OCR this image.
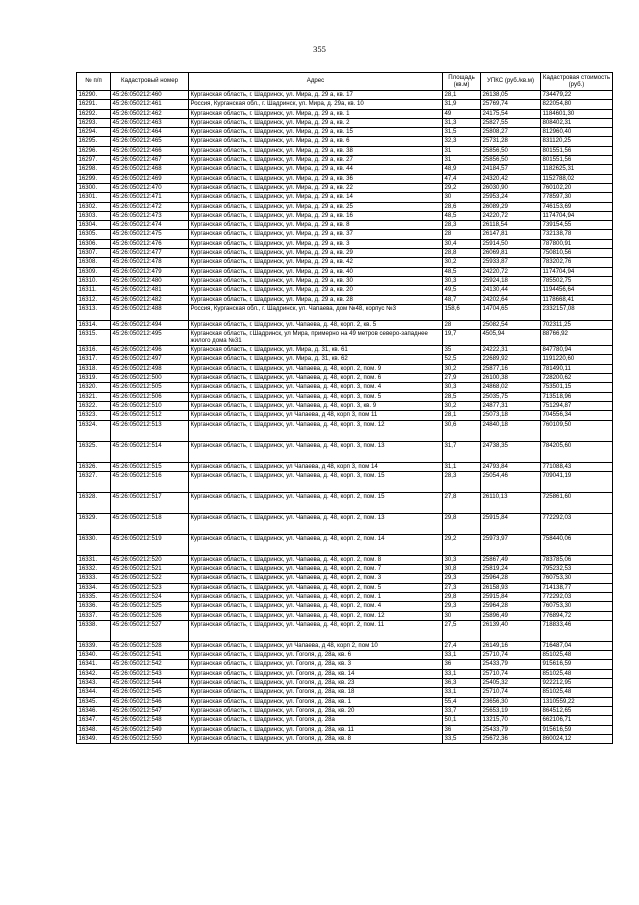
355
№ п/п	Кадастровый номер	Адрес	Площадь (кв.м)	УПКС (руб./кв.м)	Кадастровая стоимость (руб.)
16290.	45:26:050212:460	Курганская область, г. Шадринск, ул. Мира, д. 29 а, кв. 17	28,1	26138,05	734479,22
16291.	45:26:050212:461	Россия, Курганская обл., г. Шадринск, ул. Мира, д. 29а, кв. 10	31,9	25769,74	822054,80
16292.	45:26:050212:462	Курганская область, г. Шадринск, ул. Мира, д. 29 а, кв. 1	49	24175,54	1184601,30
16293.	45:26:050212:463	Курганская область, г. Шадринск, ул. Мира, д. 29 а, кв. 2	31,3	25827,55	808402,31
16294.	45:26:050212:464	Курганская область, г. Шадринск, ул. Мира, д. 29 а, кв. 15	31,5	25808,27	812960,40
16295.	45:26:050212:465	Курганская область, г. Шадринск, ул. Мира, д. 29 а, кв. 6	32,3	25731,28	831120,25
16296.	45:26:050212:466	Курганская область, г. Шадринск, ул. Мира, д. 29 а, кв. 38	31	25856,50	801551,56
16297.	45:26:050212:467	Курганская область, г. Шадринск, ул. Мира, д. 29 а, кв. 27	31	25856,50	801551,56
16298.	45:26:050212:468	Курганская область, г. Шадринск, ул. Мира, д. 29 а, кв. 44	48,9	24184,57	1182625,31
16299.	45:26:050212:469	Курганская область, г. Шадринск, ул. Мира, д. 29 а, кв. 36	47,4	24320,42	1152788,02
16300.	45:26:050212:470	Курганская область, г. Шадринск, ул. Мира, д. 29 а, кв. 22	29,2	26030,90	760102,20
16301.	45:26:050212:471	Курганская область, г. Шадринск, ул. Мира, д. 29 а, кв. 14	30	25953,24	778597,30
16302.	45:26:050212:472	Курганская область, г. Шадринск, ул. Мира, д. 29 а, кв. 25	28,6	26089,29	746153,69
16303.	45:26:050212:473	Курганская область, г. Шадринск, ул. Мира, д. 29 а, кв. 16	48,5	24220,72	1174704,94
16304.	45:26:050212:474	Курганская область, г. Шадринск, ул. Мира, д. 29 а, кв. 8	28,3	26118,54	739154,55
16305.	45:26:050212:475	Курганская область, г. Шадринск, ул. Мира, д. 29 а, кв. 37	28	26147,81	732138,78
16306.	45:26:050212:476	Курганская область, г. Шадринск, ул. Мира, д. 29 а, кв. 3	30,4	25914,50	787800,91
16307.	45:26:050212:477	Курганская область, г. Шадринск, ул. Мира, д. 29 а, кв. 29	28,8	26069,81	750810,56
16308.	45:26:050212:478	Курганская область, г. Шадринск, ул. Мира, д. 29 а, кв. 42	30,2	25933,87	783202,76
16309.	45:26:050212:479	Курганская область, г. Шадринск, ул. Мира, д. 29 а, кв. 40	48,5	24220,72	1174704,94
16310.	45:26:050212:480	Курганская область, г. Шадринск, ул. Мира, д. 29 а, кв. 30	30,3	25924,18	785502,75
16311.	45:26:050212:481	Курганская область, г. Шадринск, ул. Мира, д. 29 а, кв. 20	49,5	24130,44	1194456,64
16312.	45:26:050212:482	Курганская область, г. Шадринск, ул. Мира, д. 29 а, кв. 28	48,7	24202,64	1178668,41
16313.	45:26:050212:488	Россия, Курганская обл., г. Шадринск, ул. Чапаева, дом №48, корпус №3	158,6	14704,65	2332157,08
16314.	45:26:050212:494	Курганская область, г. Шадринск, ул. Чапаева, д. 48, корп. 2, кв. 5	28	25082,54	702311,25
16315.	45:26:050212:495	Курганская область, г.Шадринск, ул Мира, примерно на 49 метров северо-западнее жилого дома №31	19,7	4505,94	88766,92
16316.	45:26:050212:496	Курганская область, г. Шадринск, ул. Мира, д. 31, кв. 61	35	24222,31	847780,94
16317.	45:26:050212:497	Курганская область, г. Шадринск, ул. Мира, д. 31, кв. 62	52,5	22689,92	1191220,60
16318.	45:26:050212:498	Курганская область, г. Шадринск, ул. Чапаева, д. 48, корп. 2, пом. 9	30,2	25877,16	781490,11
16319.	45:26:050212:500	Курганская область, г. Шадринск, ул. Чапаева, д. 48, корп. 2, пом. 6	27,9	26100,38	728200,62
16320.	45:26:050212:505	Курганская область, г. Шадринск, ул. Чапаева, д. 48, корп. 3, пом. 4	30,3	24868,02	753501,15
16321.	45:26:050212:506	Курганская область, г. Шадринск, ул. Чапаева, д. 48, корп. 3, пом. 5	28,5	25035,75	713518,96
16322.	45:26:050212:510	Курганская область, г. Шадринск, ул. Чапаева, д. 48, корп. 3, кв. 9	30,2	24877,31	751294,87
16323.	45:26:050212:512	Курганская область, г. Шадринск, ул Чапаева, д 48, корп 3, пом 11	28,1	25073,18	704556,34
16324.	45:26:050212:513	Курганская область, г. Шадринск, ул. Чапаева, д. 48, корп. 3, пом. 12	30,6	24840,18	760109,50
16325.	45:26:050212:514	Курганская область, г. Шадринск, ул. Чапаева, д. 48, корп. 3, пом. 13	31,7	24738,35	784205,60
16326.	45:26:050212:515	Курганская область, г. Шадринск, ул Чапаева, д 48, корп 3, пом 14	31,1	24793,84	771088,43
16327.	45:26:050212:516	Курганская область, г. Шадринск, ул. Чапаева, д. 48, корп. 3, пом. 15	28,3	25054,46	709041,19
16328.	45:26:050212:517	Курганская область, г. Шадринск, ул. Чапаева, д. 48, корп. 2, пом. 15	27,8	26110,13	725861,60
16329.	45:26:050212:518	Курганская область, г. Шадринск, ул. Чапаева, д. 48, корп. 2, пом. 13	29,8	25915,84	772292,03
16330.	45:26:050212:519	Курганская область, г. Шадринск, ул. Чапаева, д. 48, корп. 2, пом. 14	29,2	25973,97	758440,06
16331.	45:26:050212:520	Курганская область, г. Шадринск, ул. Чапаева, д. 48, корп. 2, пом. 8	30,3	25867,49	783785,06
16332.	45:26:050212:521	Курганская область, г. Шадринск, ул. Чапаева, д. 48, корп. 2, пом. 7	30,8	25819,24	795232,53
16333.	45:26:050212:522	Курганская область, г. Шадринск, ул. Чапаева, д. 48, корп. 2, пом. 3	29,3	25964,28	760753,30
16334.	45:26:050212:523	Курганская область, г. Шадринск, ул. Чапаева, д. 48, корп. 2, пом. 5	27,3	26158,93	714138,77
16335.	45:26:050212:524	Курганская область, г. Шадринск, ул. Чапаева, д. 48, корп. 2, пом. 1	29,8	25915,84	772292,03
16336.	45:26:050212:525	Курганская область, г. Шадринск, ул. Чапаева, д. 48, корп. 2, пом. 4	29,3	25964,28	760753,30
16337.	45:26:050212:526	Курганская область, г. Шадринск, ул. Чапаева, д. 48, корп. 2, пом. 12	30	25896,49	776894,72
16338.	45:26:050212:527	Курганская область, г. Шадринск, ул. Чапаева, д. 48, корп. 2, пом. 11	27,5	26139,40	718833,46
16339.	45:26:050212:528	Курганская область, г. Шадринск, ул Чапаева, д 48, корп 2, пом 10	27,4	26149,16	716487,04
16340.	45:26:050212:541	Курганская область, г. Шадринск, ул. Гоголя, д. 28а, кв. 6	33,1	25710,74	851025,48
16341.	45:26:050212:542	Курганская область, г. Шадринск, ул. Гоголя, д. 28а, кв. 3	36	25433,79	915616,59
16342.	45:26:050212:543	Курганская область, г. Шадринск, ул. Гоголя, д. 28а, кв. 14	33,1	25710,74	851025,48
16343.	45:26:050212:544	Курганская область, г. Шадринск, ул. Гоголя, д. 28а, кв. 23	36,3	25405,32	922212,95
16344.	45:26:050212:545	Курганская область, г. Шадринск, ул. Гоголя, д. 28а, кв. 18	33,1	25710,74	851025,48
16345.	45:26:050212:546	Курганская область, г. Шадринск, ул. Гоголя, д. 28а, кв. 1	55,4	23656,30	1310559,22
16346.	45:26:050212:547	Курганская область, г. Шадринск, ул. Гоголя, д. 28а, кв. 20	33,7	25653,19	864512,65
16347.	45:26:050212:548	Курганская область, г. Шадринск, ул. Гоголя, д. 28а	50,1	13215,70	662106,71
16348.	45:26:050212:549	Курганская область, г. Шадринск, ул. Гоголя, д. 28а, кв. 11	36	25433,79	915616,59
16349.	45:26:050212:550	Курганская область, г. Шадринск, ул. Гоголя, д. 28а, кв. 8	33,5	25672,36	860024,12
